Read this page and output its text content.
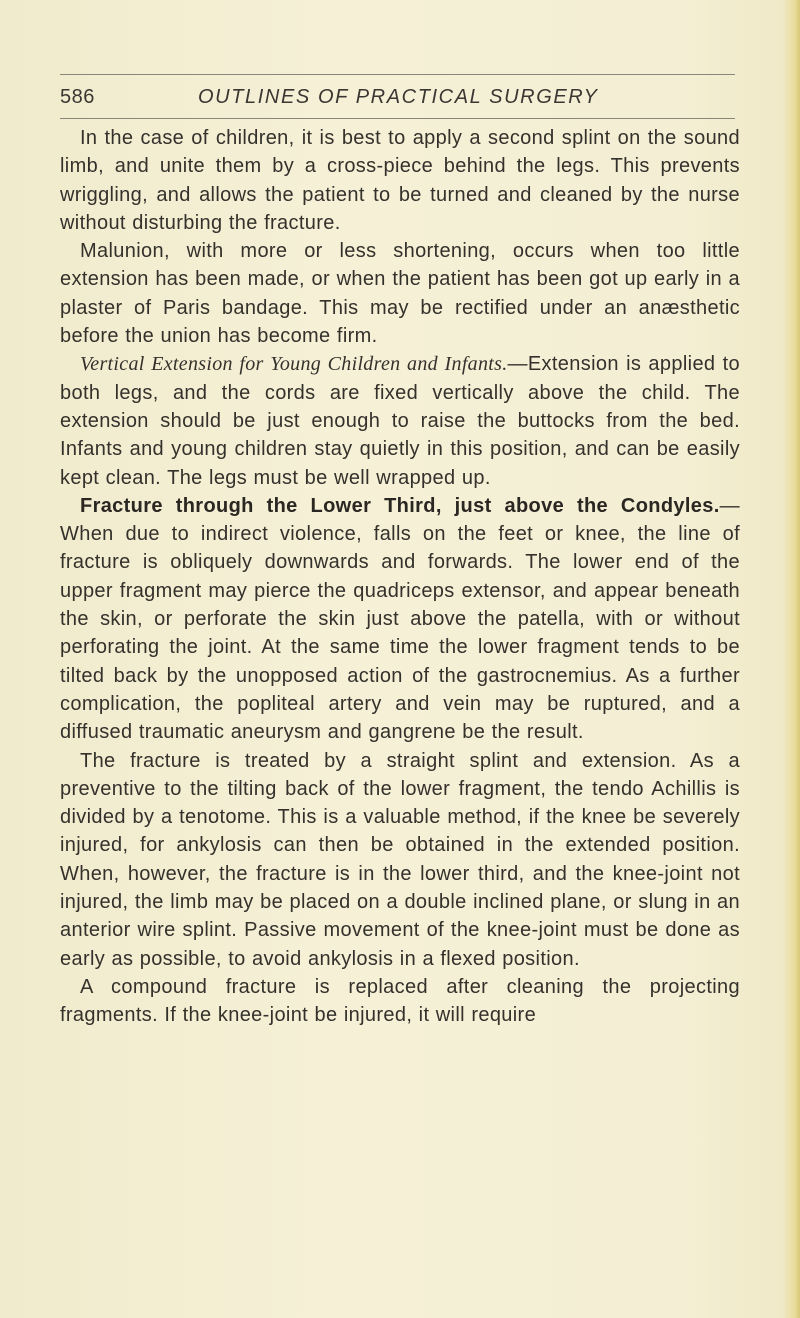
586	OUTLINES OF PRACTICAL SURGERY

In the case of children, it is best to apply a second splint on the sound limb, and unite them by a cross-piece behind the legs. This prevents wriggling, and allows the patient to be turned and cleaned by the nurse without disturbing the fracture.

Malunion, with more or less shortening, occurs when too little extension has been made, or when the patient has been got up early in a plaster of Paris bandage. This may be rectified under an anæsthetic before the union has become firm.

Vertical Extension for Young Children and Infants.—Extension is applied to both legs, and the cords are fixed vertically above the child. The extension should be just enough to raise the buttocks from the bed. Infants and young children stay quietly in this position, and can be easily kept clean. The legs must be well wrapped up.

Fracture through the Lower Third, just above the Condyles.—When due to indirect violence, falls on the feet or knee, the line of fracture is obliquely downwards and forwards. The lower end of the upper fragment may pierce the quadriceps extensor, and appear beneath the skin, or perforate the skin just above the patella, with or without perforating the joint. At the same time the lower fragment tends to be tilted back by the unopposed action of the gastrocnemius. As a further complication, the popliteal artery and vein may be ruptured, and a diffused traumatic aneurysm and gangrene be the result.

The fracture is treated by a straight splint and extension. As a preventive to the tilting back of the lower fragment, the tendo Achillis is divided by a tenotome. This is a valuable method, if the knee be severely injured, for ankylosis can then be obtained in the extended position. When, however, the fracture is in the lower third, and the knee-joint not injured, the limb may be placed on a double inclined plane, or slung in an anterior wire splint. Passive movement of the knee-joint must be done as early as possible, to avoid ankylosis in a flexed position.

A compound fracture is replaced after cleaning the projecting fragments. If the knee-joint be injured, it will require
